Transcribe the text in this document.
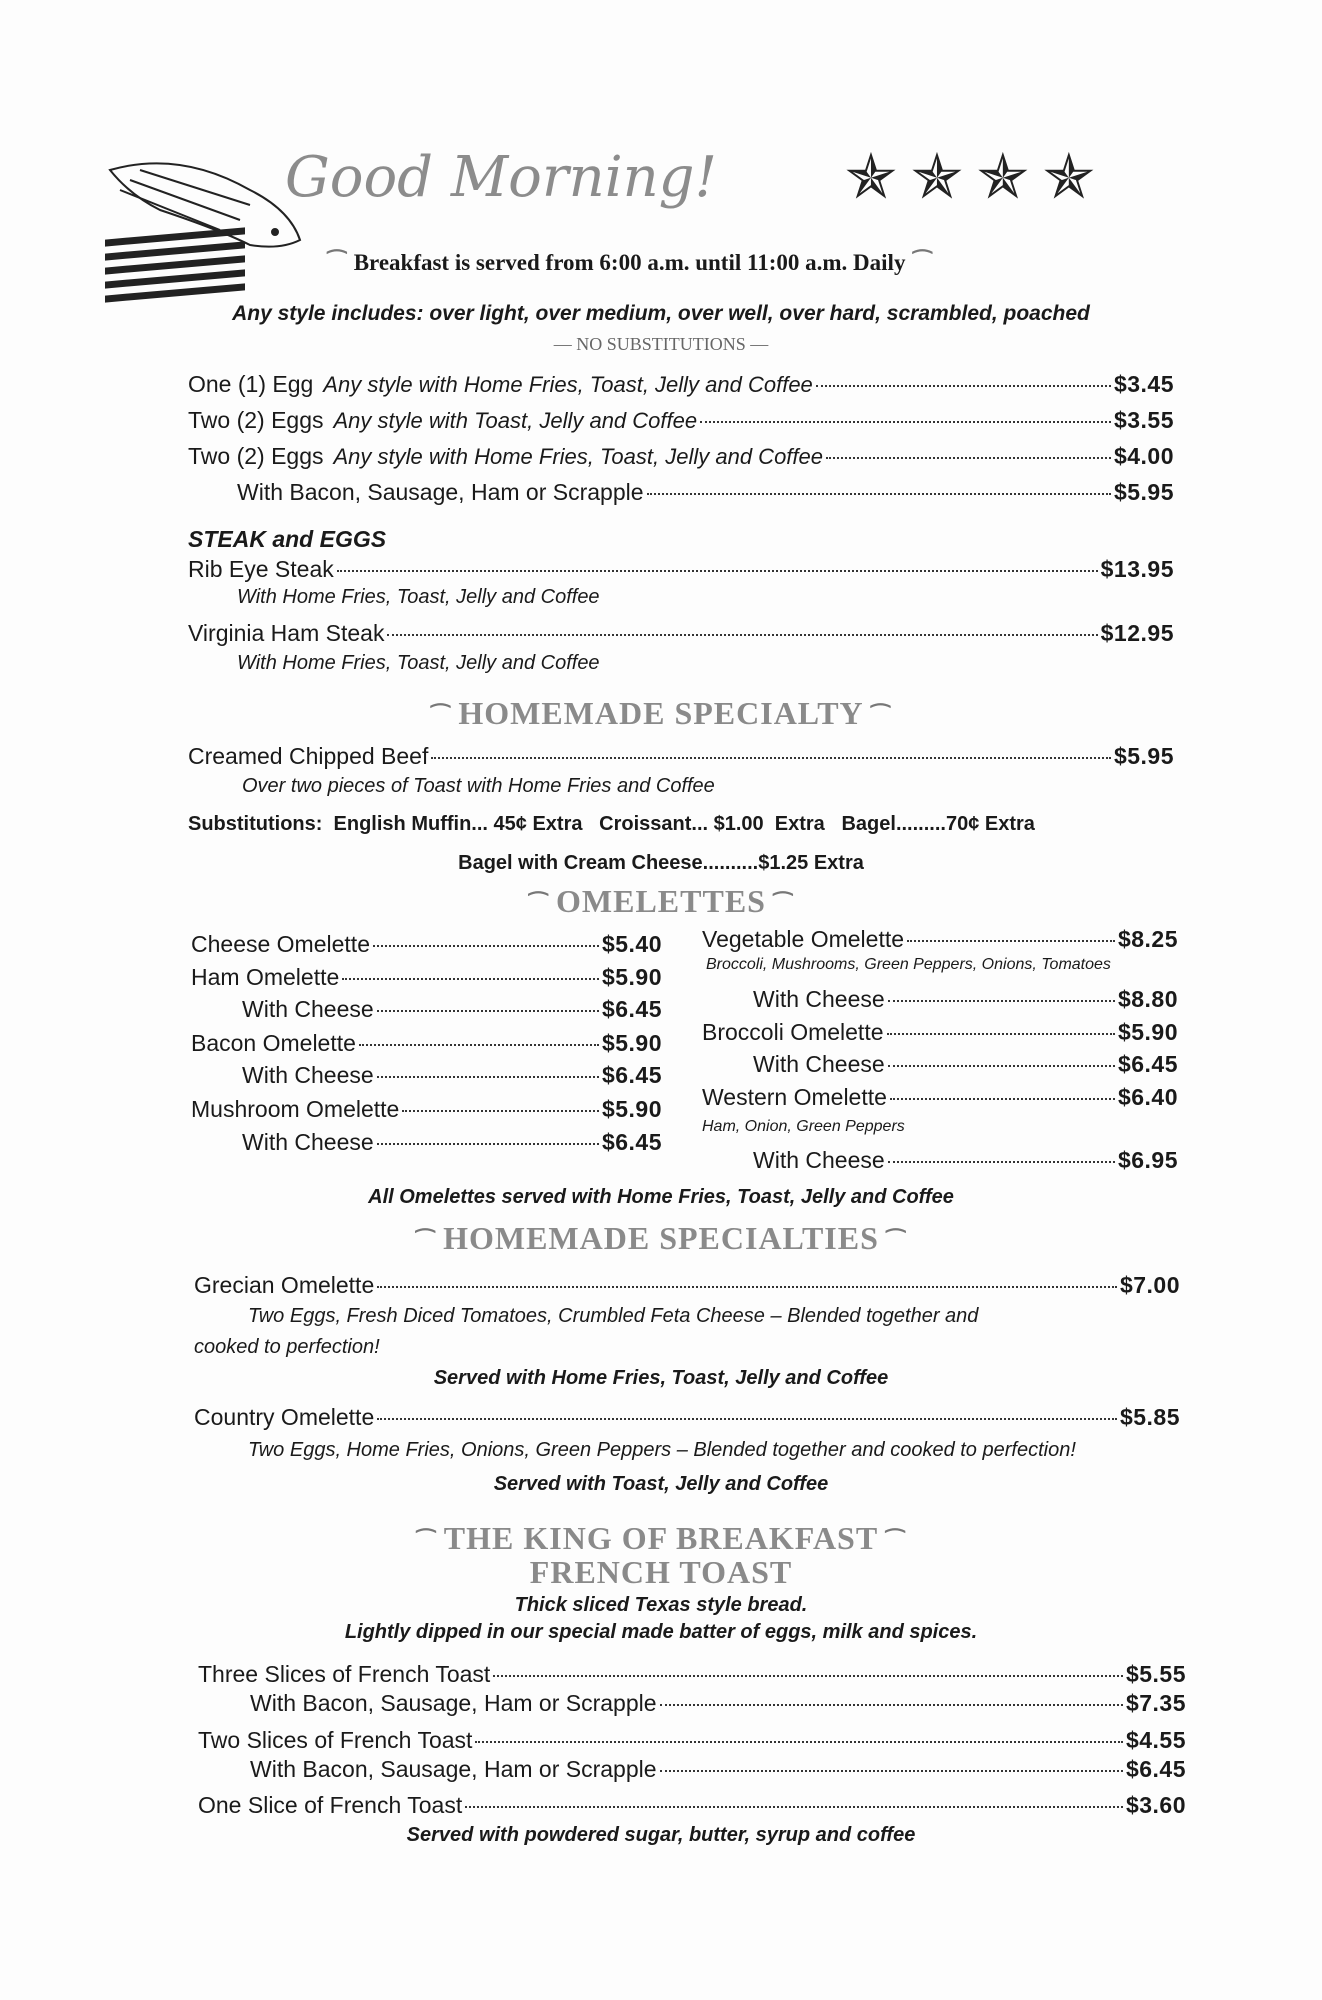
Good Morning! ✯ ✯ ✯ ✯
⁀ Breakfast is served from 6:00 a.m. until 11:00 a.m. Daily ⁀
Any style includes: over light, over medium, over well, over hard, scrambled, poached
— NO SUBSTITUTIONS —
One (1) Egg Any style with Home Fries, Toast, Jelly and Coffee	$3.45
Two (2) Eggs Any style with Toast, Jelly and Coffee	$3.55
Two (2) Eggs Any style with Home Fries, Toast, Jelly and Coffee	$4.00
With Bacon, Sausage, Ham or Scrapple	$5.95
STEAK and EGGS
Rib Eye Steak	$13.95
With Home Fries, Toast, Jelly and Coffee
Virginia Ham Steak	$12.95
With Home Fries, Toast, Jelly and Coffee
⁀ HOMEMADE SPECIALTY ⁀
Creamed Chipped Beef	$5.95
Over two pieces of Toast with Home Fries and Coffee
Substitutions:  English Muffin... 45¢ Extra   Croissant... $1.00  Extra   Bagel.........70¢ Extra
Bagel with Cream Cheese..........$1.25 Extra
⁀ OMELETTES ⁀
Cheese Omelette	$5.40
Ham Omelette	$5.90
With Cheese	$6.45
Bacon Omelette	$5.90
With Cheese	$6.45
Mushroom Omelette	$5.90
With Cheese	$6.45
Vegetable Omelette	$8.25
Broccoli, Mushrooms, Green Peppers, Onions, Tomatoes
With Cheese	$8.80
Broccoli Omelette	$5.90
With Cheese	$6.45
Western Omelette	$6.40
Ham, Onion, Green Peppers
With Cheese	$6.95
All Omelettes served with Home Fries, Toast, Jelly and Coffee
⁀ HOMEMADE SPECIALTIES ⁀
Grecian Omelette	$7.00
Two Eggs, Fresh Diced Tomatoes, Crumbled Feta Cheese – Blended together and
cooked to perfection!
Served with Home Fries, Toast, Jelly and Coffee
Country Omelette	$5.85
Two Eggs, Home Fries, Onions, Green Peppers – Blended together and cooked to perfection!
Served with Toast, Jelly and Coffee
⁀ THE KING OF BREAKFAST ⁀
FRENCH TOAST
Thick sliced Texas style bread.
Lightly dipped in our special made batter of eggs, milk and spices.
Three Slices of French Toast	$5.55
With Bacon, Sausage, Ham or Scrapple	$7.35
Two Slices of French Toast	$4.55
With Bacon, Sausage, Ham or Scrapple	$6.45
One Slice of French Toast	$3.60
Served with powdered sugar, butter, syrup and coffee
